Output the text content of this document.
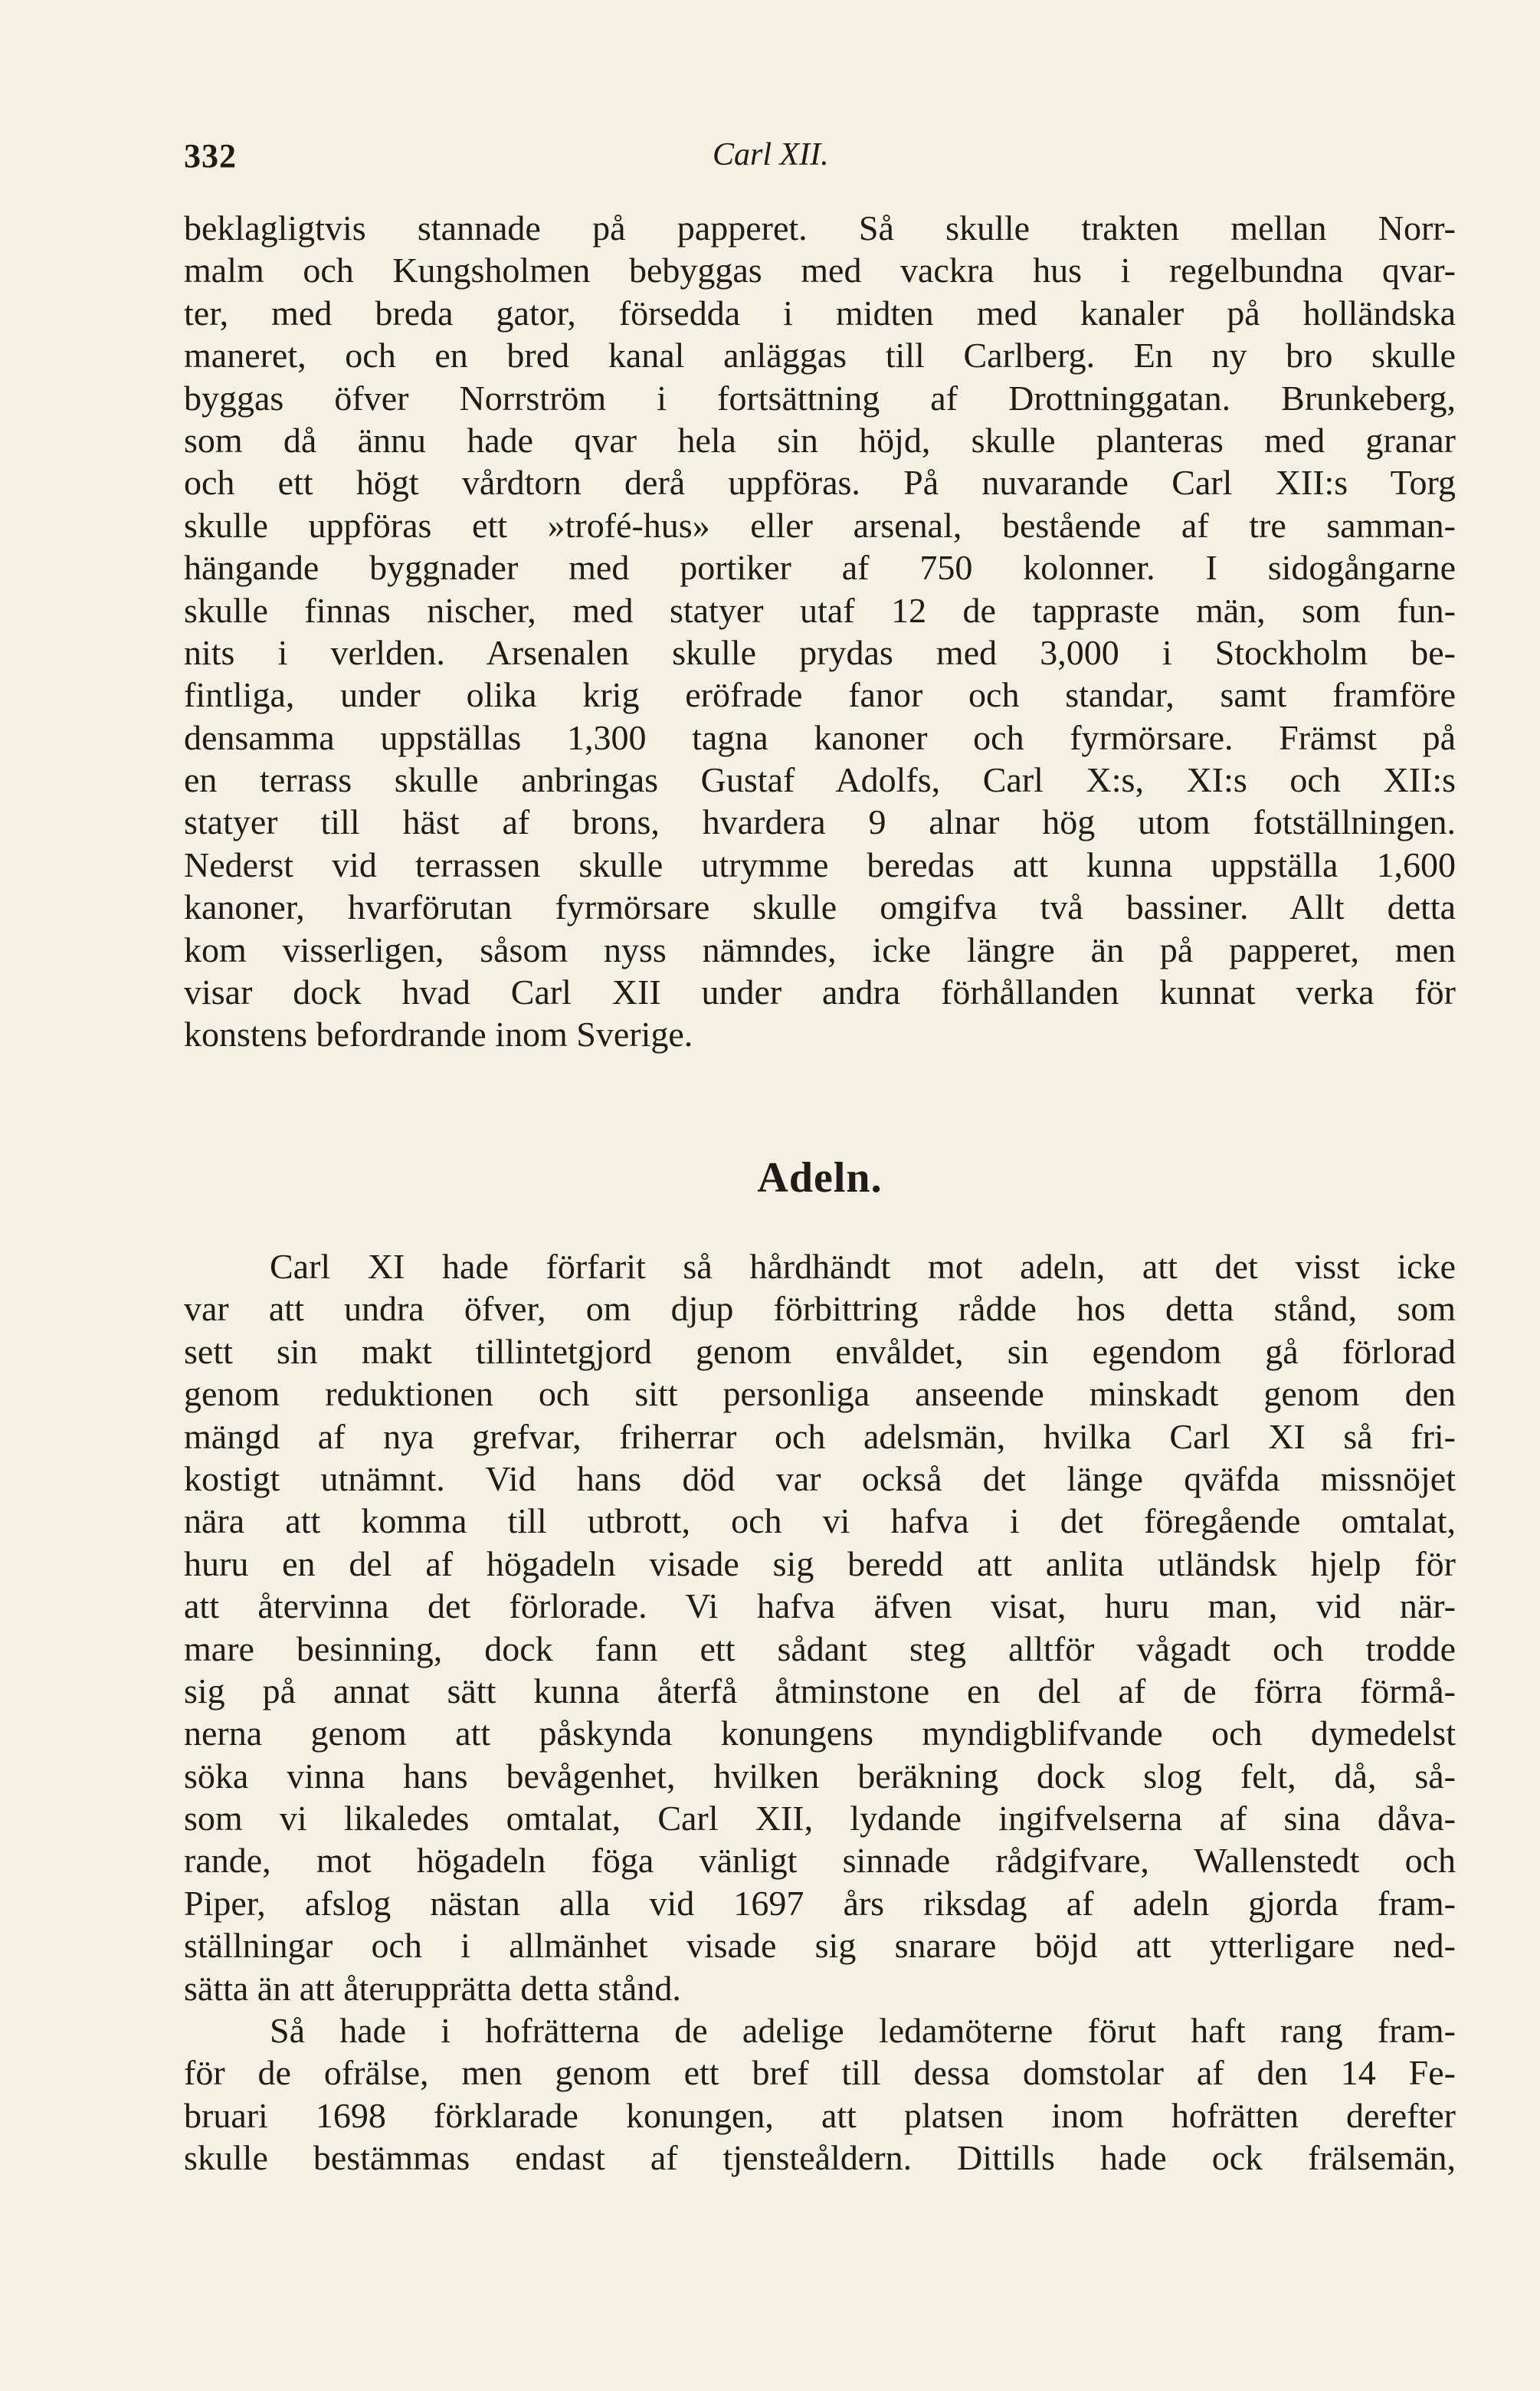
332	Carl XII.
beklagligtvis stannade på papperet. Så skulle trakten mellan Norr-
malm och Kungsholmen bebyggas med vackra hus i regelbundna qvar-
ter, med breda gator, försedda i midten med kanaler på holländska
maneret, och en bred kanal anläggas till Carlberg. En ny bro skulle
byggas öfver Norrström i fortsättning af Drottninggatan. Brunkeberg,
som då ännu hade qvar hela sin höjd, skulle planteras med granar
och ett högt vårdtorn derå uppföras. På nuvarande Carl XII:s Torg
skulle uppföras ett »trofé-hus» eller arsenal, bestående af tre samman-
hängande byggnader med portiker af 750 kolonner. I sidogångarne
skulle finnas nischer, med statyer utaf 12 de tappraste män, som fun-
nits i verlden. Arsenalen skulle prydas med 3,000 i Stockholm be-
fintliga, under olika krig eröfrade fanor och standar, samt framföre
densamma uppställas 1,300 tagna kanoner och fyrmörsare. Främst på
en terrass skulle anbringas Gustaf Adolfs, Carl X:s, XI:s och XII:s
statyer till häst af brons, hvardera 9 alnar hög utom fotställningen.
Nederst vid terrassen skulle utrymme beredas att kunna uppställa 1,600
kanoner, hvarförutan fyrmörsare skulle omgifva två bassiner. Allt detta
kom visserligen, såsom nyss nämndes, icke längre än på papperet, men
visar dock hvad Carl XII under andra förhållanden kunnat verka för
konstens befordrande inom Sverige.
Adeln.
Carl XI hade förfarit så hårdhändt mot adeln, att det visst icke
var att undra öfver, om djup förbittring rådde hos detta stånd, som
sett sin makt tillintetgjord genom envåldet, sin egendom gå förlorad
genom reduktionen och sitt personliga anseende minskadt genom den
mängd af nya grefvar, friherrar och adelsmän, hvilka Carl XI så fri-
kostigt utnämnt. Vid hans död var också det länge qväfda missnöjet
nära att komma till utbrott, och vi hafva i det föregående omtalat,
huru en del af högadeln visade sig beredd att anlita utländsk hjelp för
att återvinna det förlorade. Vi hafva äfven visat, huru man, vid när-
mare besinning, dock fann ett sådant steg alltför vågadt och trodde
sig på annat sätt kunna återfå åtminstone en del af de förra förmå-
nerna genom att påskynda konungens myndigblifvande och dymedelst
söka vinna hans bevågenhet, hvilken beräkning dock slog felt, då, så-
som vi likaledes omtalat, Carl XII, lydande ingifvelserna af sina dåva-
rande, mot högadeln föga vänligt sinnade rådgifvare, Wallenstedt och
Piper, afslog nästan alla vid 1697 års riksdag af adeln gjorda fram-
ställningar och i allmänhet visade sig snarare böjd att ytterligare ned-
sätta än att återupprätta detta stånd.
Så hade i hofrätterna de adelige ledamöterne förut haft rang fram-
för de ofrälse, men genom ett bref till dessa domstolar af den 14 Fe-
bruari 1698 förklarade konungen, att platsen inom hofrätten derefter
skulle bestämmas endast af tjensteåldern. Dittills hade ock frälsemän,
